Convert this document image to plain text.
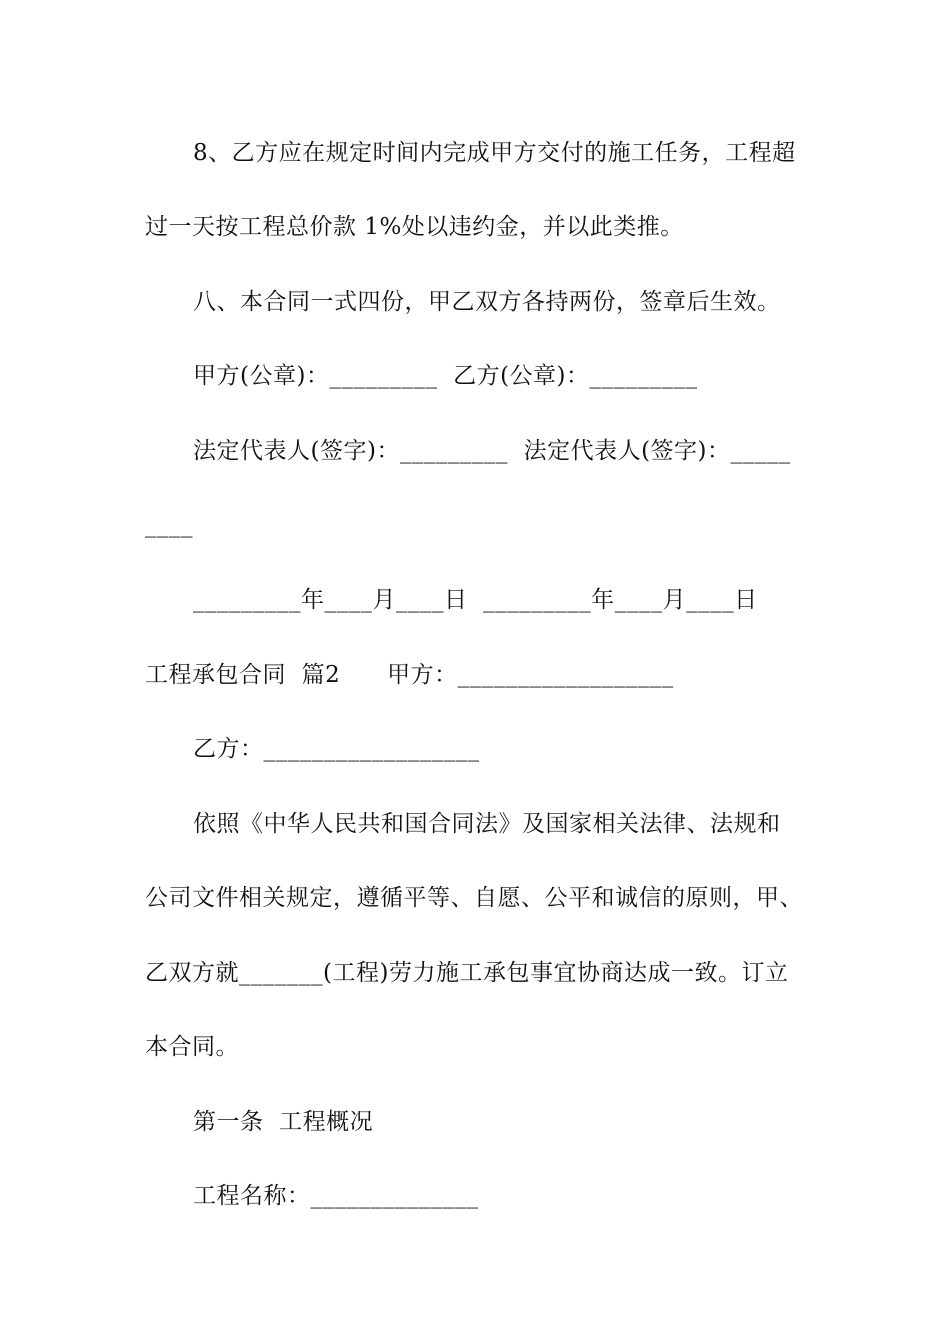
8、乙方应在规定时间内完成甲方交付的施工任务，工程超
过一天按工程总价款 1%处以违约金，并以此类推。
八、本合同一式四份，甲乙双方各持两份，签章后生效。
甲方(公章)：_________  乙方(公章)：_________
法定代表人(签字)：_________  法定代表人(签字)：_____
____
_________年____月____日  _________年____月____日
工程承包合同  篇2      甲方：__________________
乙方：__________________
依照《中华人民共和国合同法》及国家相关法律、法规和
公司文件相关规定，遵循平等、自愿、公平和诚信的原则，甲、
乙双方就_______(工程)劳力施工承包事宜协商达成一致。订立
本合同。
第一条  工程概况
工程名称：______________
